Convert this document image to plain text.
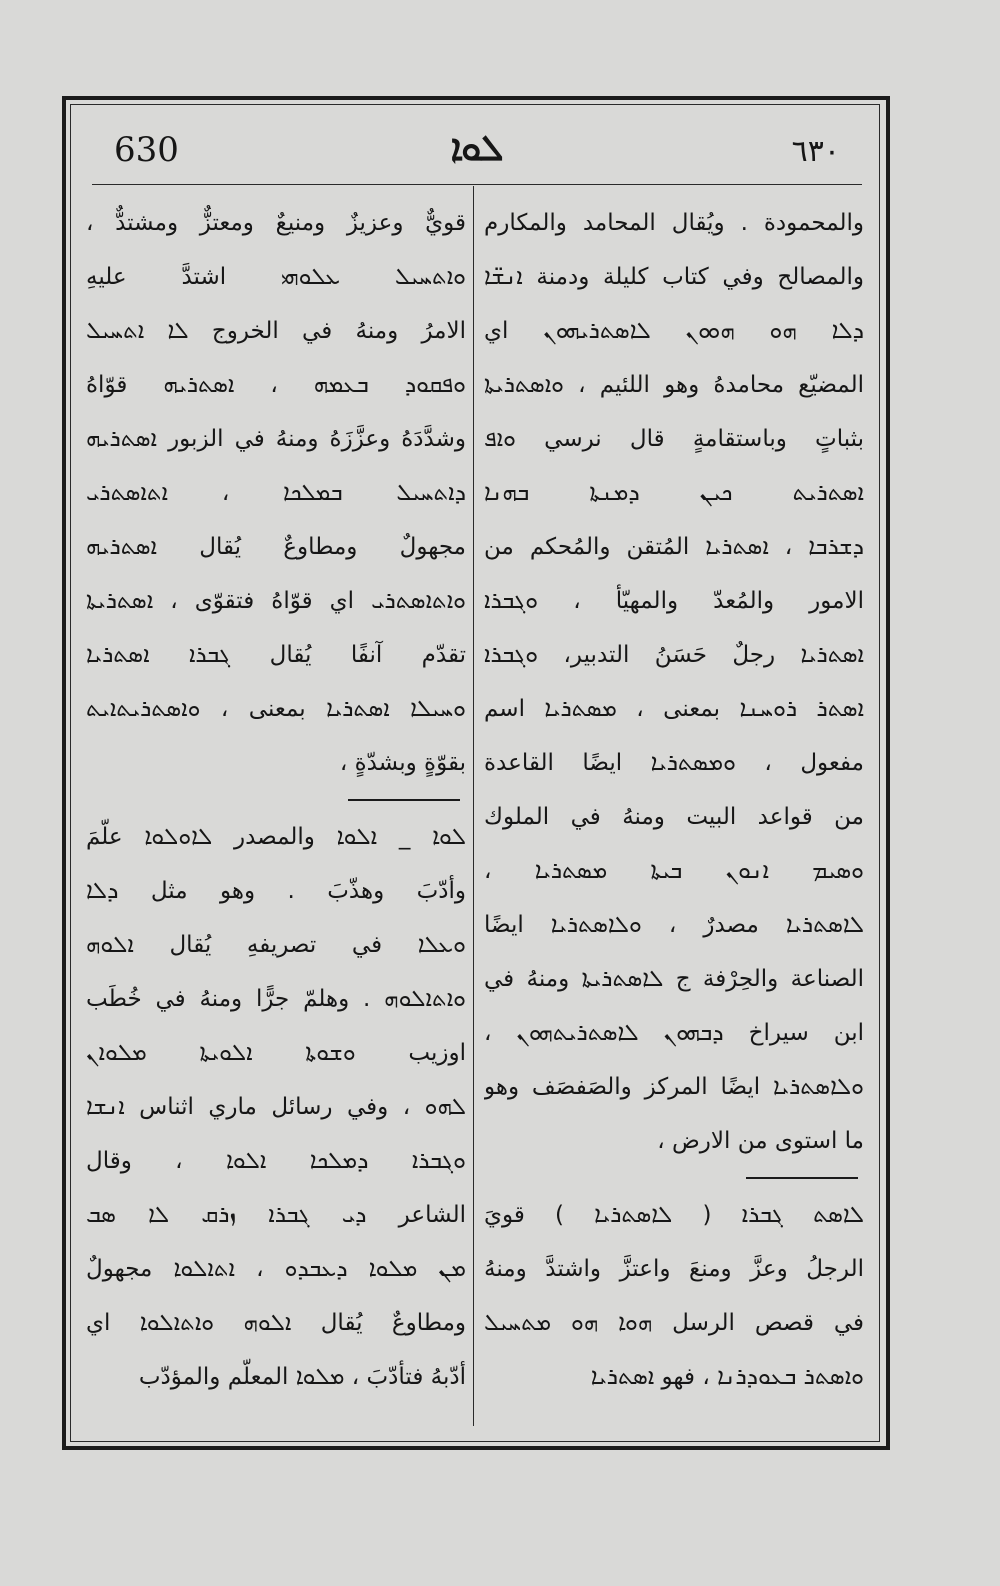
630	ܠܘܐ	٦٣٠
والمحمودة . ويُقال المحامد والمكارم
والمصالح وفي كتاب كليلة ودمنة ܐܢܫ̈ܐ
ܕܠܐ ܗܘ ܗܘܘܢ ܠܐܣܬܪܝܗܘܢ اي
المضيّع محامدهُ وهو اللئيم ، ܘܐܣܬܪܝܬܐ
بثباتٍ وباستقامةٍ قال نرسي ܘܐܦ
ܐܣܬܪܝܬ ܟܝܢ ܕܡܢܬܐ ܒܗܢܐ
ܕܫܪܒܐ ، ܐܣܬܪܝܐ المُتقن والمُحكم من
الامور والمُعدّ والمهيّأ ، ܘܓܒܪܐ
ܐܣܬܪܝܐ رجلٌ حَسَنُ التدبير، ܘܓܒܪܐ
ܐܣܬܪ ܪܘܚܢܐ بمعنى ، ܡܣܬܪܝܐ اسم
مفعول ، ܘܡܣܬܪܝܐ ايضًا القاعدة
من قواعد البيت ومنهُ في الملوك
ܘܣܝܡ ܐܢܘܢ ܒܝܬܐ ܡܣܬܪܝܐ ،
ܠܐܣܬܪܝܐ مصدرٌ ، ܘܠܐܣܬܪܝܐ ايضًا
الصناعة والحِرْفة ج ܠܐܣܬܪܝܬܐ ومنهُ في
ابن سيراخ ܕܒܗܘܢ ܠܐܣܬܪܝܬܗܘܢ ،
ܘܠܐܣܬܪܝܐ ايضًا المركز والصَفصَف وهو
ما استوى من الارض ،
ܠܐܣܬ ܓܒܪܐ ( ܠܐܣܬܪܝܐ ) قويَ
الرجلُ وعزَّ ومنعَ واعتزَّ واشتدَّ ومنهُ
في قصص الرسل ܗܘܐ ܗܘ ܡܬܚܝܠ
ܘܐܣܬܪ ܒܥܘܕܪܢܐ ، فهو ܐܣܬܪܝܐ
قويٌّ وعزيزٌ ومنيعٌ ومعتزٌّ ومشتدٌّ ،
ܘܐܬܚܝܠ ܥܠܘܗܝ اشتدَّ عليهِ
الامرُ ومنهُ في الخروج ܠܐ ܐܬܚܝܠ
ܘܦܩܘܕ ܒܥܡܗ ، ܐܣܬܪܝܗ قوّاهُ
وشدَّدَهُ وعزَّزَهُ ومنهُ في الزبور ܐܣܬܪܝܗ
ܕܐܬܚܝܠ ܒܡܠܟܐ ، ܐܬܐܣܬܪܝ
مجهولٌ ومطاوعٌ يُقال ܐܣܬܪܝܗ
ܘܐܬܐܣܬܪܝ اي قوّاهُ فتقوّى ، ܐܣܬܪܝܬܐ
تقدّم آنفًا يُقال ܓܒܪܐ ܐܣܬܪܝܐ
ܘܚܝܠܐ ܐܣܬܪܝܐ بمعنى ، ܘܐܣܬܪܝܬܐܝܬ
بقوّةٍ وبشدّةٍ ،
ܠܘܐ _ ܐܠܘܐ والمصدر ܠܐܘܠܘܐ علّمَ
وأدّبَ وهذّبَ . وهو مثل ܕܠܐ
ܘܥܠܐ في تصريفهِ يُقال ܐܠܘܗ
ܘܐܬܐܠܘܗ . وهلمّ جرًّا ومنهُ في خُطَب
اوزيب ܘܫܘܬܐ ܐܠܘܝܬܐ ܡܠܘܐܢ
ܠܗܘ ، وفي رسائل ماري اثناس ܐܢܫܐ
ܘܓܒܪܐ ܕܡܠܟܐ ܐܠܘܐ ، وقال
الشاعر ܕܝ ܓܒܪܐ ܙܪܩ ܠܐ ܣܒ
ܡܢ ܡܠܘܐ ܕܥܒܕܘ ، ܐܬܐܠܘܐ مجهولٌ
ومطاوعٌ يُقال ܐܠܘܗ ܘܐܬܐܠܘܐ اي
أدّبهُ فتأدّبَ ، ܡܠܘܐ المعلّم والمؤدّب
